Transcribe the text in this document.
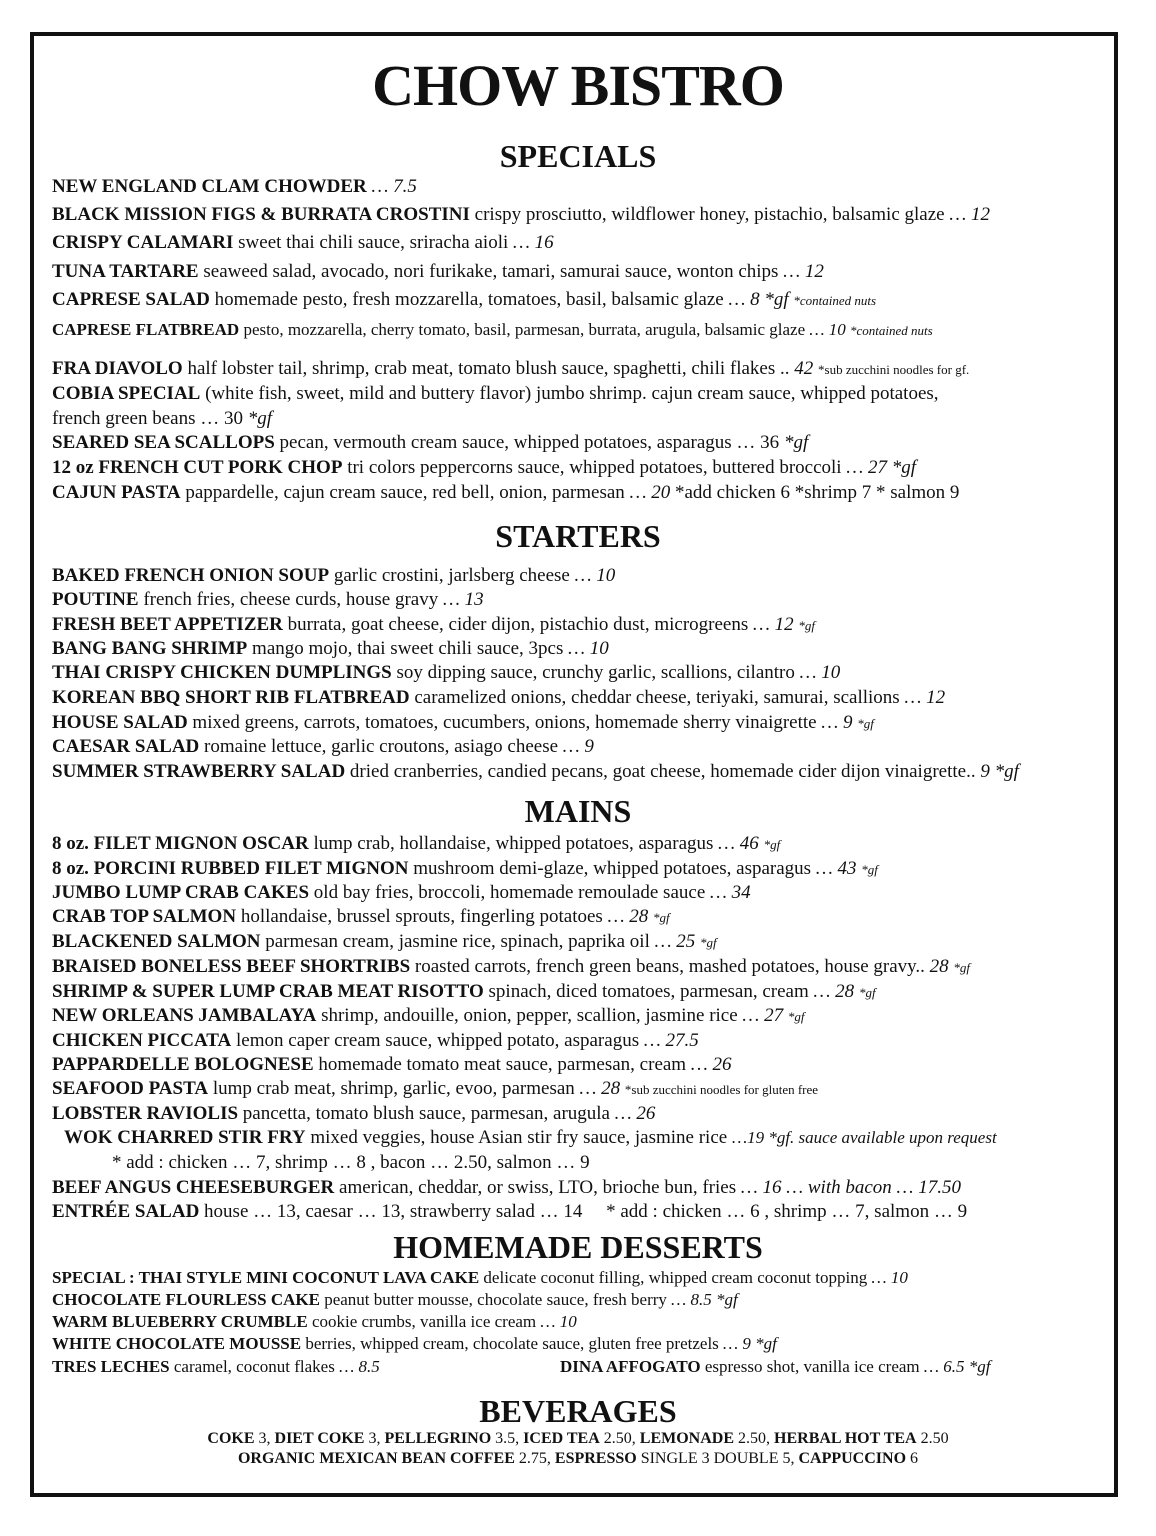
CHOW BISTRO
SPECIALS
NEW ENGLAND CLAM CHOWDER … 7.5
BLACK MISSION FIGS & BURRATA CROSTINI crispy prosciutto, wildflower honey, pistachio, balsamic glaze … 12
CRISPY CALAMARI sweet thai chili sauce, sriracha aioli … 16
TUNA TARTARE seaweed salad, avocado, nori furikake, tamari, samurai sauce, wonton chips … 12
CAPRESE SALAD homemade pesto, fresh mozzarella, tomatoes, basil, balsamic glaze … 8 *gf *contained nuts
CAPRESE FLATBREAD pesto, mozzarella, cherry tomato, basil, parmesan, burrata, arugula, balsamic glaze … 10 *contained nuts
FRA DIAVOLO half lobster tail, shrimp, crab meat, tomato blush sauce, spaghetti, chili flakes .. 42 *sub zucchini noodles for gf.
COBIA SPECIAL (white fish, sweet, mild and buttery flavor) jumbo shrimp. cajun cream sauce, whipped potatoes,
french green beans … 30 *gf
SEARED SEA SCALLOPS pecan, vermouth cream sauce, whipped potatoes, asparagus … 36 *gf
12 oz FRENCH CUT PORK CHOP tri colors peppercorns sauce, whipped potatoes, buttered broccoli … 27 *gf
CAJUN PASTA pappardelle, cajun cream sauce, red bell, onion, parmesan … 20 *add chicken 6 *shrimp 7 * salmon 9
STARTERS
BAKED FRENCH ONION SOUP garlic crostini, jarlsberg cheese … 10
POUTINE french fries, cheese curds, house gravy … 13
FRESH BEET APPETIZER burrata, goat cheese, cider dijon, pistachio dust, microgreens … 12 *gf
BANG BANG SHRIMP mango mojo, thai sweet chili sauce, 3pcs … 10
THAI CRISPY CHICKEN DUMPLINGS soy dipping sauce, crunchy garlic, scallions, cilantro … 10
KOREAN BBQ SHORT RIB FLATBREAD caramelized onions, cheddar cheese, teriyaki, samurai, scallions … 12
HOUSE SALAD mixed greens, carrots, tomatoes, cucumbers, onions, homemade sherry vinaigrette … 9 *gf
CAESAR SALAD romaine lettuce, garlic croutons, asiago cheese … 9
SUMMER STRAWBERRY SALAD dried cranberries, candied pecans, goat cheese, homemade cider dijon vinaigrette.. 9 *gf
MAINS
8 oz. FILET MIGNON OSCAR lump crab, hollandaise, whipped potatoes, asparagus … 46 *gf
8 oz. PORCINI RUBBED FILET MIGNON mushroom demi-glaze, whipped potatoes, asparagus … 43 *gf
JUMBO LUMP CRAB CAKES old bay fries, broccoli, homemade remoulade sauce … 34
CRAB TOP SALMON hollandaise, brussel sprouts, fingerling potatoes … 28 *gf
BLACKENED SALMON parmesan cream, jasmine rice, spinach, paprika oil … 25 *gf
BRAISED BONELESS BEEF SHORTRIBS roasted carrots, french green beans, mashed potatoes, house gravy.. 28 *gf
SHRIMP & SUPER LUMP CRAB MEAT RISOTTO spinach, diced tomatoes, parmesan, cream … 28 *gf
NEW ORLEANS JAMBALAYA shrimp, andouille, onion, pepper, scallion, jasmine rice … 27 *gf
CHICKEN PICCATA lemon caper cream sauce, whipped potato, asparagus … 27.5
PAPPARDELLE BOLOGNESE homemade tomato meat sauce, parmesan, cream … 26
SEAFOOD PASTA lump crab meat, shrimp, garlic, evoo, parmesan … 28 *sub zucchini noodles for gluten free
LOBSTER RAVIOLIS pancetta, tomato blush sauce, parmesan, arugula … 26
WOK CHARRED STIR FRY mixed veggies, house Asian stir fry sauce, jasmine rice …19 *gf. sauce available upon request
* add : chicken … 7, shrimp … 8 , bacon … 2.50, salmon … 9
BEEF ANGUS CHEESEBURGER american, cheddar, or swiss, LTO, brioche bun, fries … 16 … with bacon … 17.50
ENTRÉE SALAD house … 13, caesar … 13, strawberry salad … 14 * add : chicken … 6 , shrimp … 7, salmon … 9
HOMEMADE DESSERTS
SPECIAL : THAI STYLE MINI COCONUT LAVA CAKE delicate coconut filling, whipped cream coconut topping … 10
CHOCOLATE FLOURLESS CAKE peanut butter mousse, chocolate sauce, fresh berry … 8.5 *gf
WARM BLUEBERRY CRUMBLE cookie crumbs, vanilla ice cream … 10
WHITE CHOCOLATE MOUSSE berries, whipped cream, chocolate sauce, gluten free pretzels … 9 *gf
TRES LECHES caramel, coconut flakes … 8.5	DINA AFFOGATO espresso shot, vanilla ice cream … 6.5 *gf
BEVERAGES
COKE 3, DIET COKE 3, PELLEGRINO 3.5, ICED TEA 2.50, LEMONADE 2.50, HERBAL HOT TEA 2.50
ORGANIC MEXICAN BEAN COFFEE 2.75, ESPRESSO SINGLE 3 DOUBLE 5, CAPPUCCINO 6
